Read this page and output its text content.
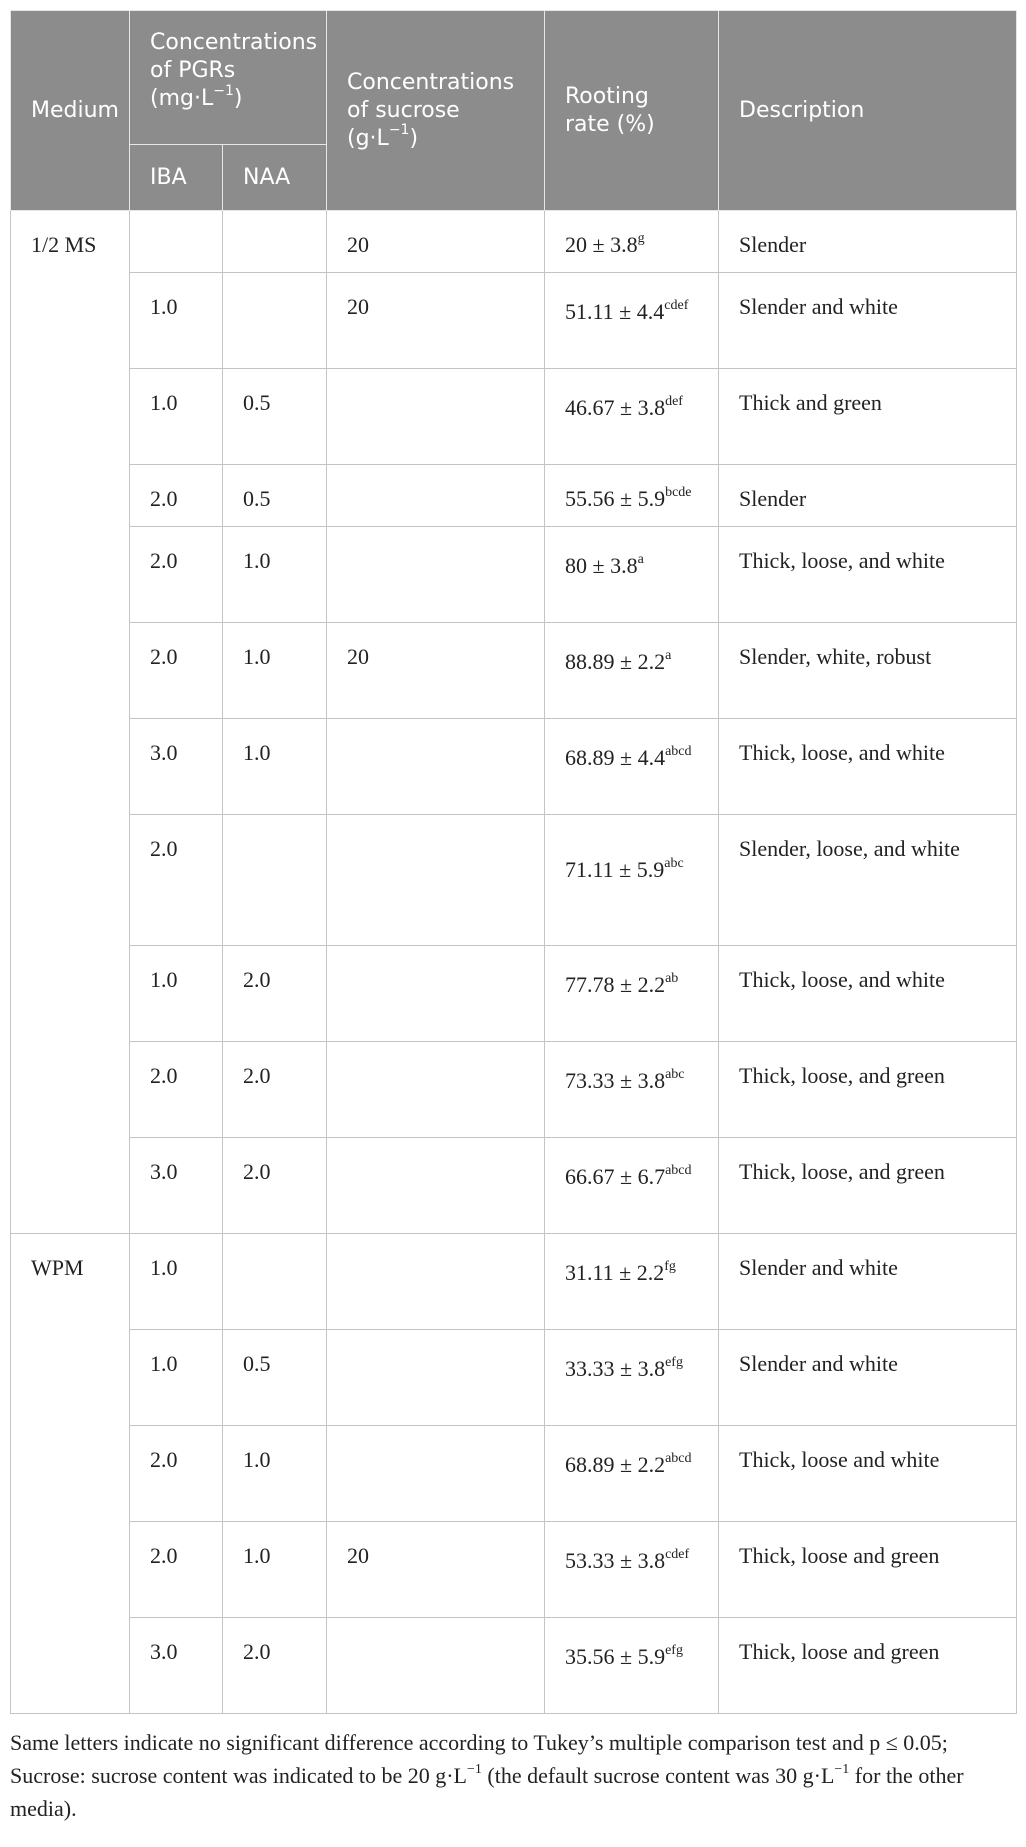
Medium	Concentrations of PGRs $(mg\cdot L^{-1})$		Concentrations of sucrose $(g\cdot L^{-1})$	Rooting rate (%)	Description
	IBA	NAA			
1/2 MS			20	20 ± 3.8$^g$	Slender
	1.0		20	$51.11 \pm 4.4^{cdef}$	Slender and white
	1.0	0.5		46.67 ± 3.8$^{def}$	Thick and green
	2.0	0.5		$55.56 \pm 5.9^{bcde}$	Slender
	2.0	1.0		80 ± 3.8$^a$	Thick, loose, and white
	2.0	1.0	20	88.89 ± 2.2$^a$	Slender, white, robust
	3.0	1.0		$68.89 \pm 4.4^{abcd}$	Thick, loose, and white
	2.0			71.11 ± 5.9$^{abc}$	Slender, loose, and white
	1.0	2.0		77.78 ± 2.2$^{ab}$	Thick, loose, and white
	2.0	2.0		73.33 ± 3.8$^{abc}$	Thick, loose, and green
	3.0	2.0		$66.67 \pm 6.7^{abcd}$	Thick, loose, and green
WPM	1.0			31.11 ± 2.2$^{fg}$	Slender and white
	1.0	0.5		33.33 ± 3.8$^{efg}$	Slender and white
	2.0	1.0		$68.89 \pm 2.2^{abcd}$	Thick, loose and white
	2.0	1.0	20	$53.33 \pm 3.8^{cdef}$	Thick, loose and green
	3.0	2.0		35.56 ± 5.9$^{efg}$	Thick, loose and green

Same letters indicate no significant difference according to Tukey’s multiple comparison test and p ≤ 0.05; Sucrose: sucrose content was indicated to be 20 $g\cdot L^{-1}$ (the default sucrose content was 30 $g\cdot L^{-1}$ for the other media).
